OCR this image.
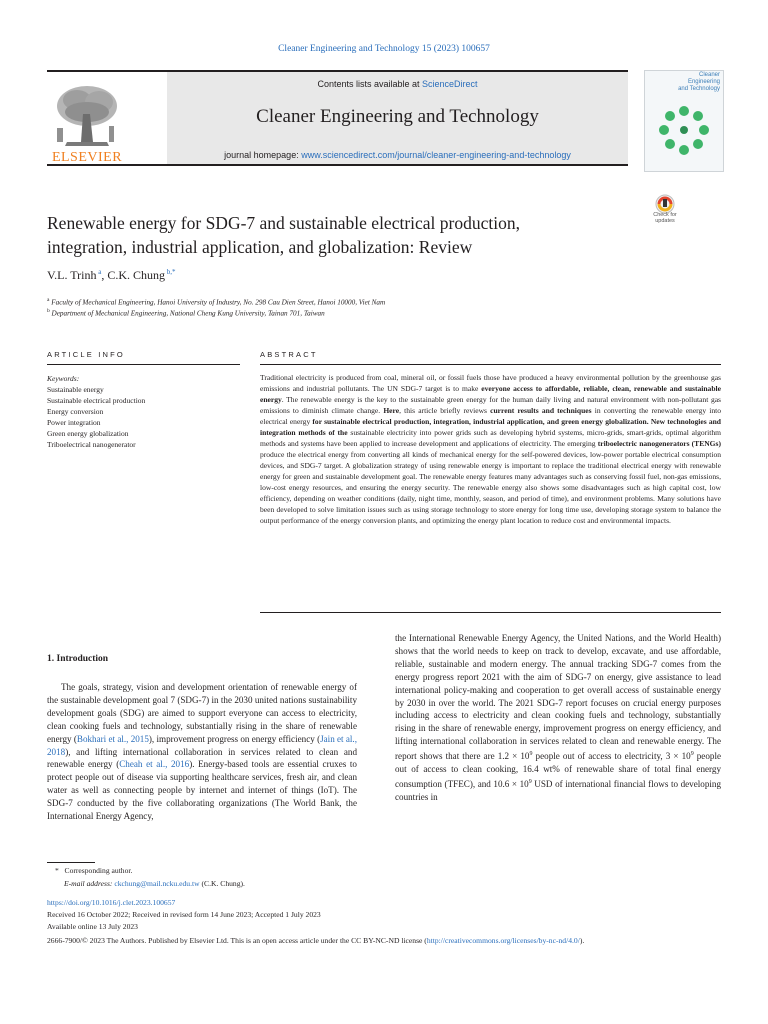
Cleaner Engineering and Technology 15 (2023) 100657
ELSEVIER
Contents lists available at ScienceDirect
Cleaner Engineering and Technology
journal homepage: www.sciencedirect.com/journal/cleaner-engineering-and-technology
Cleaner
Engineering
and Technology
Check for
updates
Renewable energy for SDG-7 and sustainable electrical production,
integration, industrial application, and globalization: Review
V.L. Trinh $^a$, C.K. Chung $^{b,*}$
$^a$ Faculty of Mechanical Engineering, Hanoi University of Industry, No. 298 Cau Dien Street, Hanoi 10000, Viet Nam
$^b$ Department of Mechanical Engineering, National Cheng Kung University, Tainan 701, Taiwan
ARTICLE INFO	ABSTRACT
Keywords:
Sustainable energy
Sustainable electrical production
Energy conversion
Power integration
Green energy globalization
Triboelectrical nanogenerator
Traditional electricity is produced from coal, mineral oil, or fossil fuels those have produced a heavy environmental pollution by the greenhouse gas emissions and industrial pollutants. The UN SDG-7 target is to make everyone access to affordable, reliable, clean, renewable and sustainable energy. The renewable energy is the key to the sustainable green energy for the human daily living and natural environment with non-pollutant gas emissions to diminish climate change. Here, this article briefly reviews current results and techniques in converting the renewable energy into electrical energy for sustainable electrical production, integration, industrial application, and green energy globalization. New technologies and integration methods of the sustainable electricity into power grids such as developing hybrid systems, micro-grids, smart-grids, optimal algorithm methods and systems have been applied to increase development and applications of electricity. The emerging triboelectric nanogenerators (TENGs) produce the electrical energy from converting all kinds of mechanical energy for the self-powered devices, low-power portable electrical consumption devices, and SDG-7 target. A globalization strategy of using renewable energy is important to replace the traditional electrical energy with renewable energy for green and sustainable development goal. The renewable energy features many advantages such as conserving fossil fuel, non-gas emissions, low-cost energy resources, and ensuring the energy security. The renewable energy also shows some disadvantages such as high capital cost, low efficiency, depending on weather conditions (daily, night time, monthly, season, and period of time), and environment problems. Many solutions have been developed to solve limitation issues such as using storage technology to store energy for long time use, developing storage system to balance the output performance of the energy conversion plants, and optimizing the energy plant location to reduce cost and environmental impacts.
1. Introduction
The goals, strategy, vision and development orientation of renewable energy of the sustainable development goal 7 (SDG-7) in the 2030 united nations sustainability development goals (SDG) are aimed to support everyone can access to electricity, clean cooking fuels and technology, substantially rising in the share of renewable energy (Bokhari et al., 2015), improvement progress on energy efficiency (Jain et al., 2018), and lifting international collaboration in services related to clean and renewable energy (Cheah et al., 2016). Energy-based tools are essential cruxes to protect people out of disease via supporting healthcare services, fresh air, and clean water as well as connecting people by internet and internet of things (IoT). The SDG-7 conducted by the five collaborating organizations (The World Bank, the International Energy Agency,
the International Renewable Energy Agency, the United Nations, and the World Health) shows that the world needs to keep on track to develop, excavate, and use affordable, reliable, sustainable and modern energy. The annual tracking SDG-7 comes from the energy progress report 2021 with the aim of SDG-7 on energy, give assistance to lead international policy-making and cooperation to get overall access of sustainable energy by 2030 in over the world. The 2021 SDG-7 report focuses on crucial energy purposes including access to electricity and clean cooking fuels and technology, substantially rising in the share of renewable energy, improvement progress on energy efficiency, and lifting international collaboration in services related to clean and renewable energy. The report shows that there are $1.2 \times 10^9$ people out of access to electricity, $3 \times 10^9$ people out of access to clean cooking, 16.4 wt% of renewable share of total final energy consumption (TFEC), and $10.6 \times 10^9$ USD of international financial flows to developing countries in
* Corresponding author.
E-mail address: ckchung@mail.ncku.edu.tw (C.K. Chung).
https://doi.org/10.1016/j.clet.2023.100657
Received 16 October 2022; Received in revised form 14 June 2023; Accepted 1 July 2023
Available online 13 July 2023
2666-7900/© 2023 The Authors. Published by Elsevier Ltd. This is an open access article under the CC BY-NC-ND license (http://creativecommons.org/licenses/by-nc-nd/4.0/).
